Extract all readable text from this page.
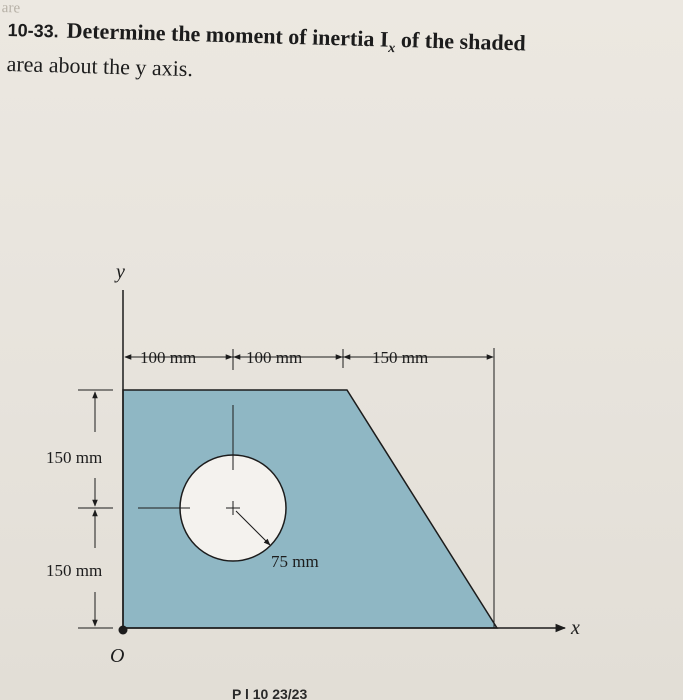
are
10-33. Determine the moment of inertia $I_x$ of the shaded
area about the y axis.
y
x
O
100 mm	100 mm	150 mm
150 mm
150 mm	75 mm
P l 10 23/23
